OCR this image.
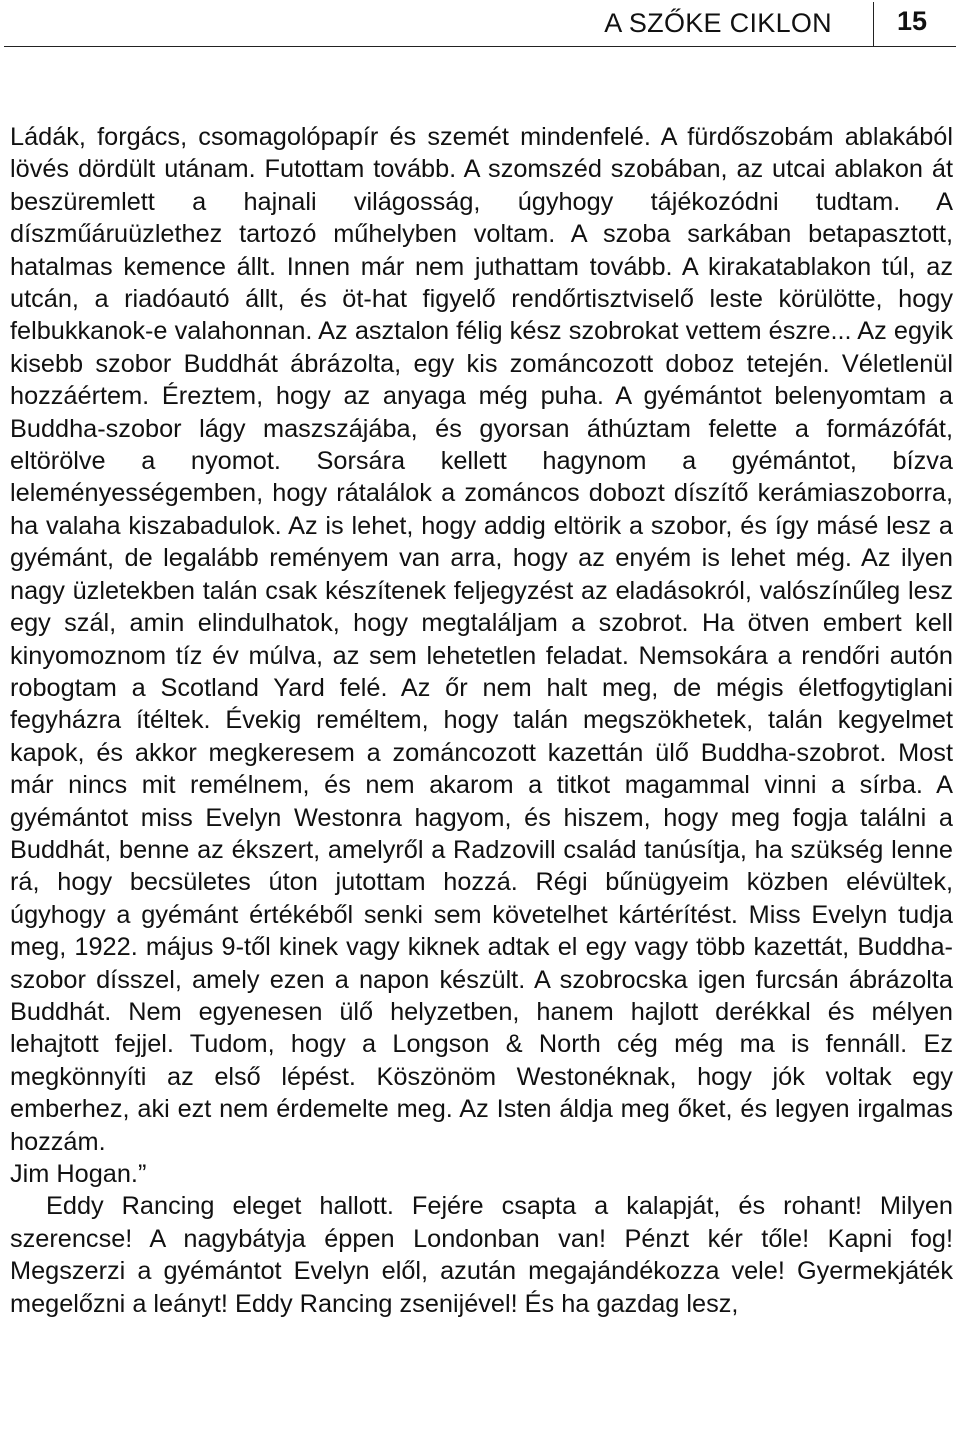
A SZŐKE CIKLON 15

Ládák, forgács, csomagolópapír és szemét mindenfelé. A fürdőszobám ablakából lövés dördült utánam. Futottam tovább. A szomszéd szobában, az utcai ablakon át beszüremlett a hajnali világosság, úgyhogy tájékozódni tudtam. A díszműáruüzlethez tartozó műhelyben voltam. A szoba sarkában betapasztott, hatalmas kemence állt. Innen már nem juthattam tovább. A kirakatablakon túl, az utcán, a riadóautó állt, és öt-hat figyelő rendőrtisztviselő leste körülötte, hogy felbukkanok-e valahonnan. Az asztalon félig kész szobrokat vettem észre... Az egyik kisebb szobor Buddhát ábrázolta, egy kis zománcozott doboz tetején. Véletlenül hozzáértem. Éreztem, hogy az anyaga még puha. A gyémántot belenyomtam a Buddha-szobor lágy maszszájába, és gyorsan áthúztam felette a formázófát, eltörölve a nyomot. Sorsára kellett hagynom a gyémántot, bízva leleményességemben, hogy rátalálok a zománcos dobozt díszítő kerámiaszoborra, ha valaha kiszabadulok. Az is lehet, hogy addig eltörik a szobor, és így másé lesz a gyémánt, de legalább reményem van arra, hogy az enyém is lehet még. Az ilyen nagy üzletekben talán csak készítenek feljegyzést az eladásokról, valószínűleg lesz egy szál, amin elindulhatok, hogy megtaláljam a szobrot. Ha ötven embert kell kinyomoznom tíz év múlva, az sem lehetetlen feladat. Nemsokára a rendőri autón robogtam a Scotland Yard felé. Az őr nem halt meg, de mégis életfogytiglani fegyházra ítéltek. Évekig reméltem, hogy talán megszökhetek, talán kegyelmet kapok, és akkor megkeresem a zománcozott kazettán ülő Buddha-szobrot. Most már nincs mit remélnem, és nem akarom a titkot magammal vinni a sírba. A gyémántot miss Evelyn Westonra hagyom, és hiszem, hogy meg fogja találni a Buddhát, benne az ékszert, amelyről a Radzovill család tanúsítja, ha szükség lenne rá, hogy becsületes úton jutottam hozzá. Régi bűnügyeim közben elévültek, úgyhogy a gyémánt értékéből senki sem követelhet kártérítést. Miss Evelyn tudja meg, 1922. május 9-től kinek vagy kiknek adtak el egy vagy több kazettát, Buddha-szobor dísszel, amely ezen a napon készült. A szobrocska igen furcsán ábrázolta Buddhát. Nem egyenesen ülő helyzetben, hanem hajlott derékkal és mélyen lehajtott fejjel. Tudom, hogy a Longson & North cég még ma is fennáll. Ez megkönnyíti az első lépést. Köszönöm Westonéknak, hogy jók voltak egy emberhez, aki ezt nem érdemelte meg. Az Isten áldja meg őket, és legyen irgalmas hozzám.

Jim Hogan.”

Eddy Rancing eleget hallott. Fejére csapta a kalapját, és rohant! Milyen szerencse! A nagybátyja éppen Londonban van! Pénzt kér tőle! Kapni fog! Megszerzi a gyémántot Evelyn elől, azután megajándékozza vele! Gyermekjáték megelőzni a leányt! Eddy Rancing zsenijével! És ha gazdag lesz,
